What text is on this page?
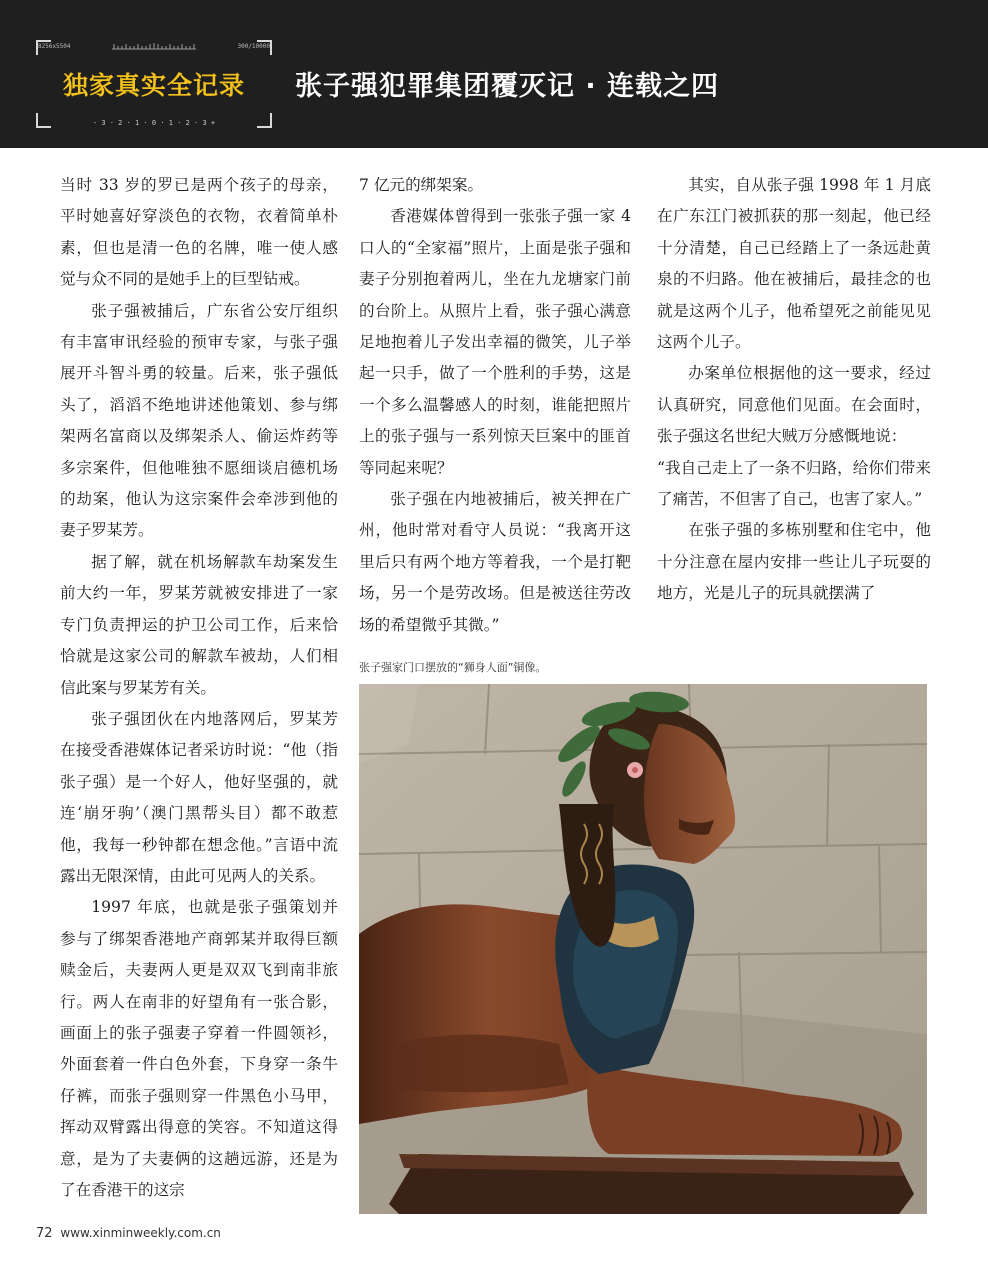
8256x5504	300/10000
独家真实全记录
- 3 · 2 · 1 · 0 · 1 · 2 · 3 +
张子强犯罪集团覆灭记 · 连载之四

当时 33 岁的罗已是两个孩子的母亲，平时她喜好穿淡色的衣物，衣着简单朴素，但也是清一色的名牌，唯一使人感觉与众不同的是她手上的巨型钻戒。

张子强被捕后，广东省公安厅组织有丰富审讯经验的预审专家，与张子强展开斗智斗勇的较量。后来，张子强低头了，滔滔不绝地讲述他策划、参与绑架两名富商以及绑架杀人、偷运炸药等多宗案件，但他唯独不愿细谈启德机场的劫案，他认为这宗案件会牵涉到他的妻子罗某芳。

据了解，就在机场解款车劫案发生前大约一年，罗某芳就被安排进了一家专门负责押运的护卫公司工作，后来恰恰就是这家公司的解款车被劫，人们相信此案与罗某芳有关。

张子强团伙在内地落网后，罗某芳在接受香港媒体记者采访时说：“他（指张子强）是一个好人，他好坚强的，就连‘崩牙驹’（澳门黑帮头目）都不敢惹他，我每一秒钟都在想念他。”言语中流露出无限深情，由此可见两人的关系。

1997 年底，也就是张子强策划并参与了绑架香港地产商郭某并取得巨额赎金后，夫妻两人更是双双飞到南非旅行。两人在南非的好望角有一张合影，画面上的张子强妻子穿着一件圆领衫，外面套着一件白色外套，下身穿一条牛仔裤，而张子强则穿一件黑色小马甲，挥动双臂露出得意的笑容。不知道这得意，是为了夫妻俩的这趟远游，还是为了在香港干的这宗

7 亿元的绑架案。

香港媒体曾得到一张张子强一家 4 口人的“全家福”照片，上面是张子强和妻子分别抱着两儿，坐在九龙塘家门前的台阶上。从照片上看，张子强心满意足地抱着儿子发出幸福的微笑，儿子举起一只手，做了一个胜利的手势，这是一个多么温馨感人的时刻，谁能把照片上的张子强与一系列惊天巨案中的匪首等同起来呢？

张子强在内地被捕后，被关押在广州，他时常对看守人员说：“我离开这里后只有两个地方等着我，一个是打靶场，另一个是劳改场。但是被送往劳改场的希望微乎其微。”

其实，自从张子强 1998 年 1 月底在广东江门被抓获的那一刻起，他已经十分清楚，自己已经踏上了一条远赴黄泉的不归路。他在被捕后，最挂念的也就是这两个儿子，他希望死之前能见见这两个儿子。

办案单位根据他的这一要求，经过认真研究，同意他们见面。在会面时，张子强这名世纪大贼万分感慨地说：

“我自己走上了一条不归路，给你们带来了痛苦，不但害了自己，也害了家人。”

在张子强的多栋别墅和住宅中，他十分注意在屋内安排一些让儿子玩耍的地方，光是儿子的玩具就摆满了

张子强家门口摆放的“狮身人面”铜像。
72 www.xinminweekly.com.cn
